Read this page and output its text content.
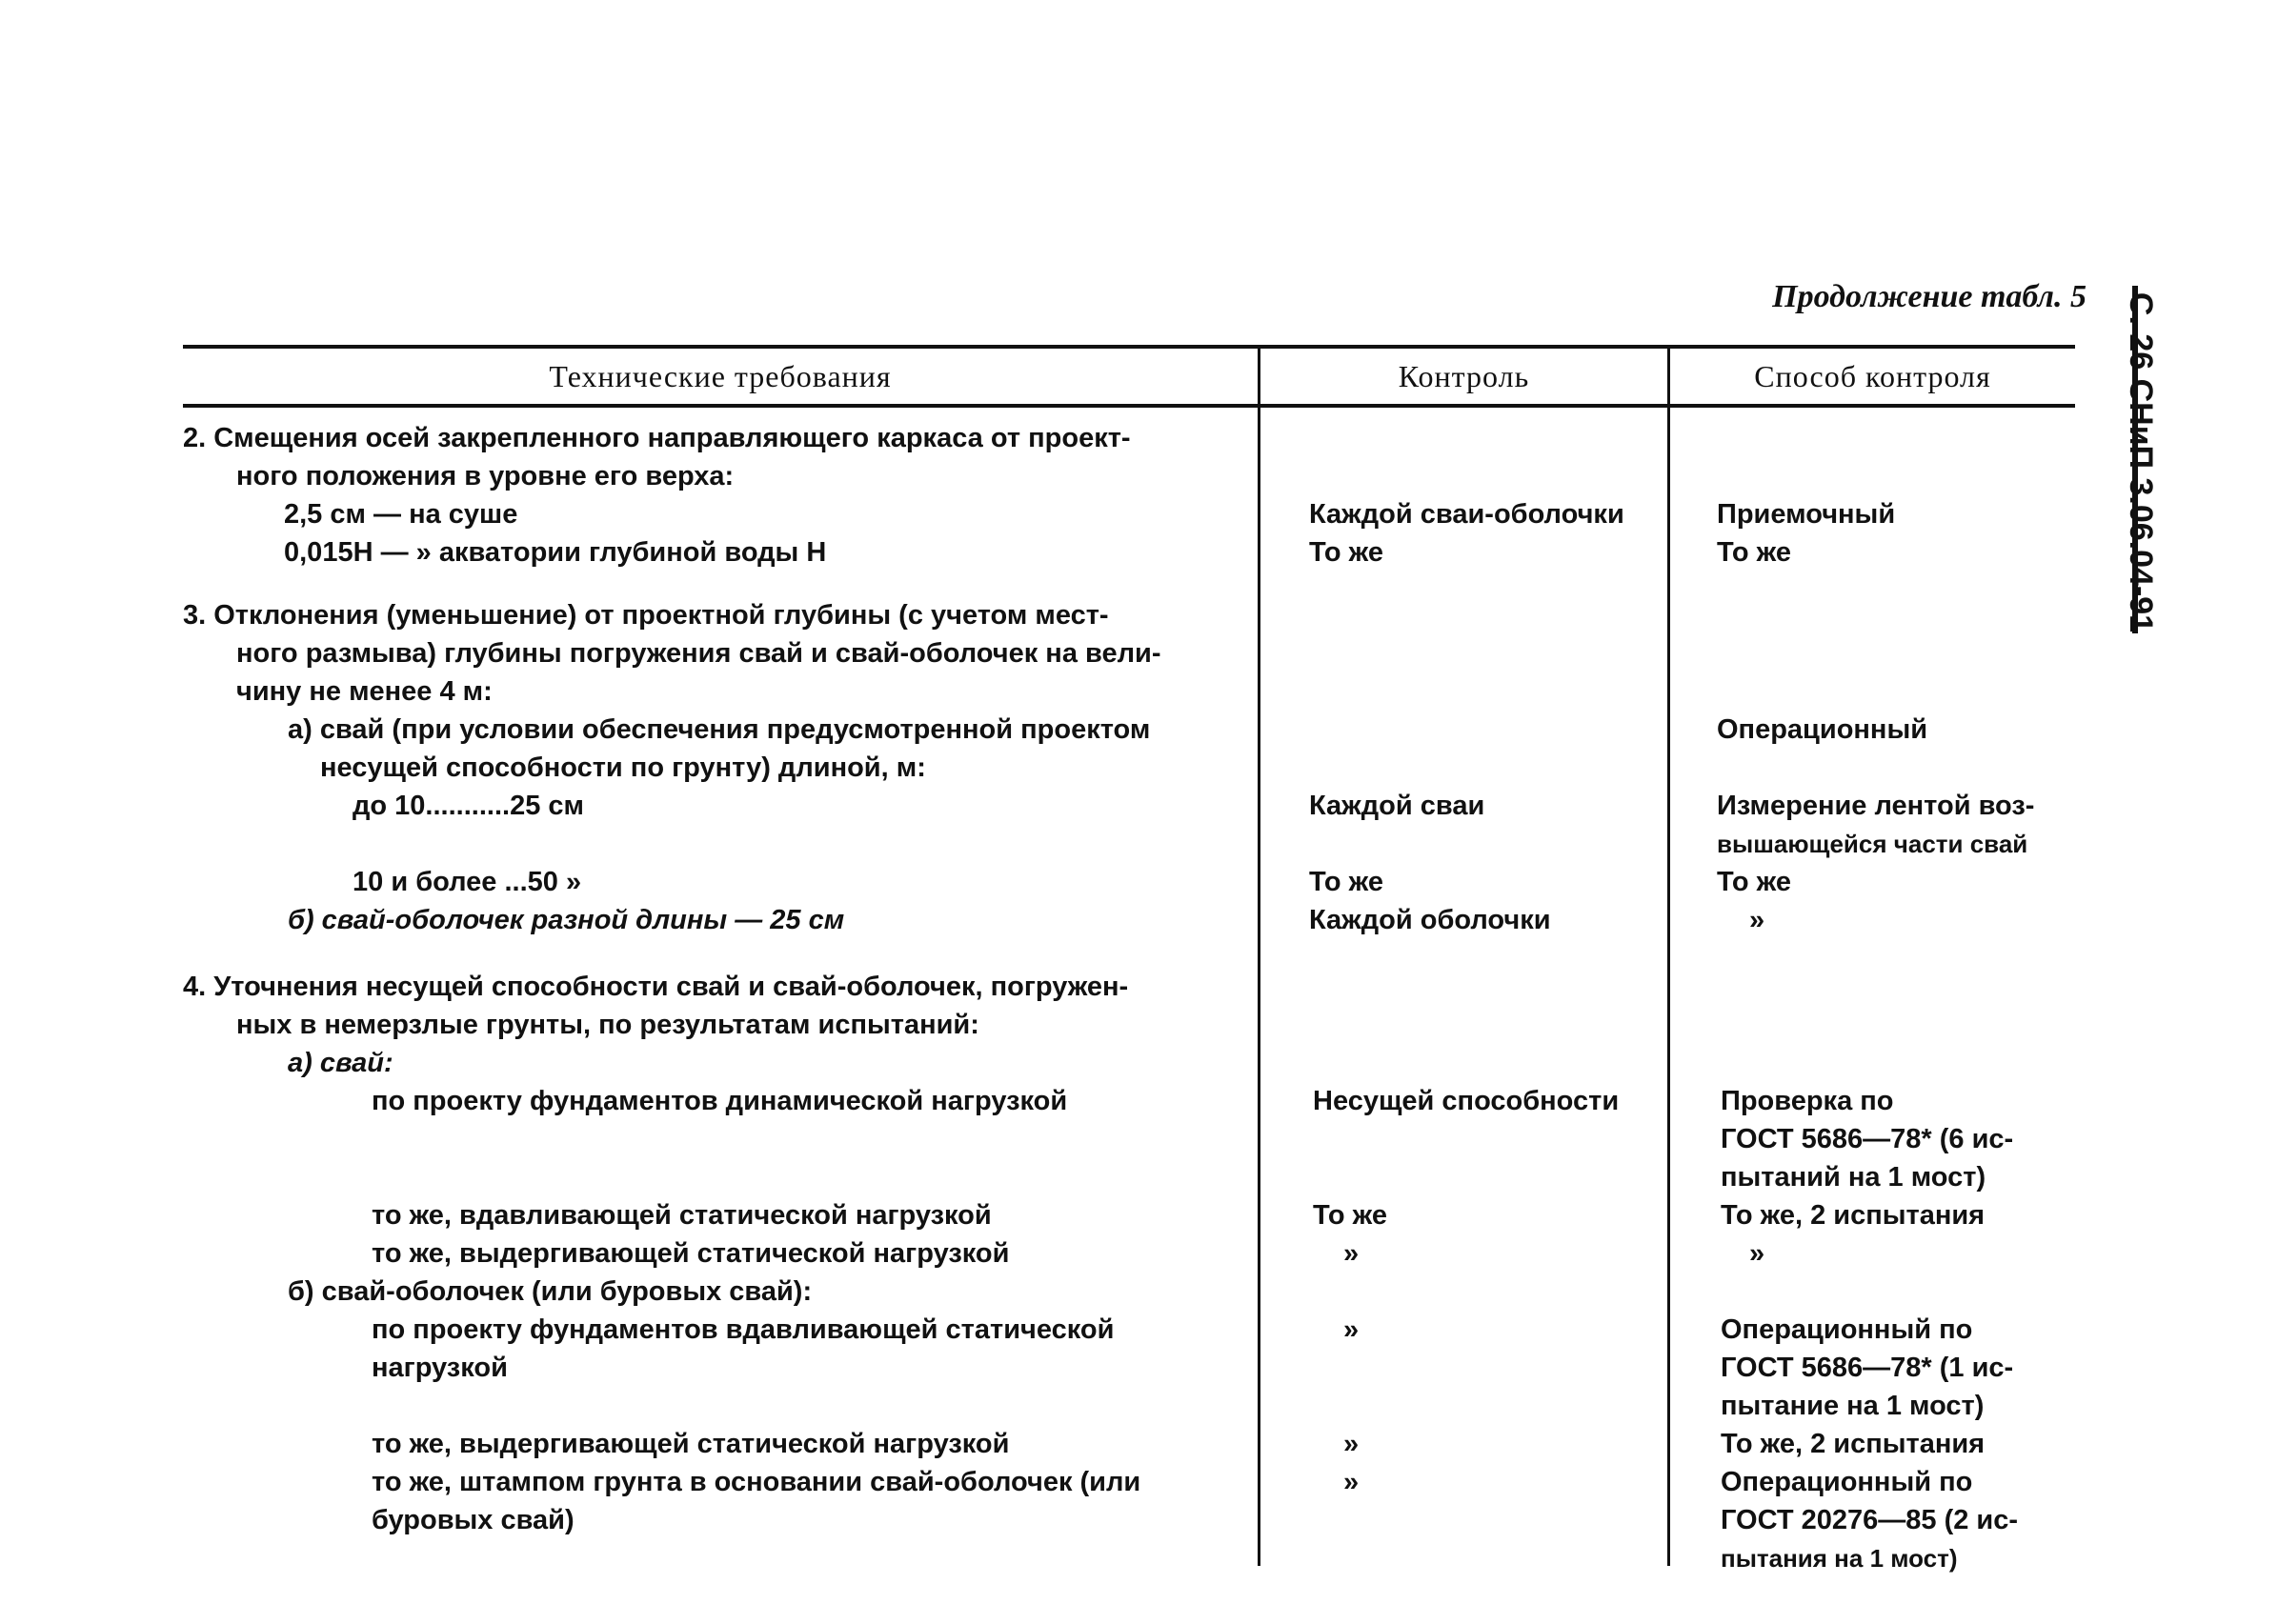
Продолжение табл. 5 С. 26 СНиП 3.06.04-91
Технические требования	Контроль	Способ контроля
2. Смещения осей закрепленного направляющего каркаса от проект-
ного положения в уровне его верха:
2,5 см — на суше
0,015H — » акватории глубиной воды H
3. Отклонения (уменьшение) от проектной глубины (с учетом мест-
ного размыва) глубины погружения свай и свай-оболочек на вели-
чину не менее 4 м:
а) свай (при условии обеспечения предусмотренной проектом
несущей способности по грунту) длиной, м:
до 10...........25 см
10 и более ...50 »
б) свай-оболочек разной длины — 25 см
4. Уточнения несущей способности свай и свай-оболочек, погружен-
ных в немерзлые грунты, по результатам испытаний:
а) свай:
по проекту фундаментов динамической нагрузкой
то же, вдавливающей статической нагрузкой
то же, выдергивающей статической нагрузкой
б) свай-оболочек (или буровых свай):
по проекту фундаментов вдавливающей статической
нагрузкой
то же, выдергивающей статической нагрузкой
то же, штампом грунта в основании свай-оболочек (или
буровых свай)
Каждой сваи-оболочки
То же
Каждой сваи
То же
Каждой оболочки
Несущей способности
То же
»
»
»
»
Приемочный
То же
Операционный
Измерение лентой воз-
вышающейся части свай
То же
»
Проверка по
ГОСТ 5686—78* (6 ис-
пытаний на 1 мост)
То же, 2 испытания
»
Операционный по
ГОСТ 5686—78* (1 ис-
пытание на 1 мост)
То же, 2 испытания
Операционный по
ГОСТ 20276—85 (2 ис-
пытания на 1 мост)
